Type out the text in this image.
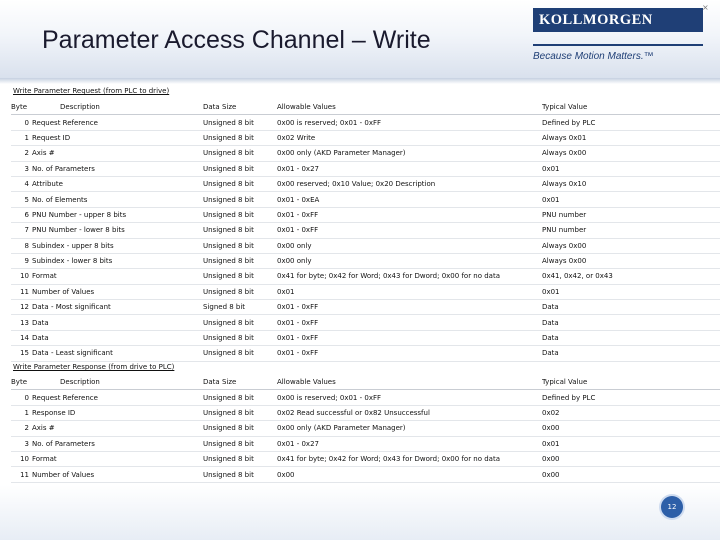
Parameter Access Channel – Write
KOLLMORGEN
Because Motion Matters.™
×
Write Parameter Request (from PLC to drive)
Byte	Description	Data Size	Allowable Values	Typical Value
0	Request Reference	Unsigned 8 bit	0x00 is reserved; 0x01 - 0xFF	Defined by PLC
1	Request ID	Unsigned 8 bit	0x02 Write	Always 0x01
2	Axis #	Unsigned 8 bit	0x00 only (AKD Parameter Manager)	Always 0x00
3	No. of Parameters	Unsigned 8 bit	0x01 - 0x27	0x01
4	Attribute	Unsigned 8 bit	0x00 reserved; 0x10 Value; 0x20 Description	Always 0x10
5	No. of Elements	Unsigned 8 bit	0x01 - 0xEA	0x01
6	PNU Number - upper 8 bits	Unsigned 8 bit	0x01 - 0xFF	PNU number
7	PNU Number - lower 8 bits	Unsigned 8 bit	0x01 - 0xFF	PNU number
8	Subindex - upper 8 bits	Unsigned 8 bit	0x00 only	Always 0x00
9	Subindex - lower 8 bits	Unsigned 8 bit	0x00 only	Always 0x00
10	Format	Unsigned 8 bit	0x41 for byte; 0x42 for Word; 0x43 for Dword; 0x00 for no data	0x41, 0x42, or 0x43
11	Number of Values	Unsigned 8 bit	0x01	0x01
12	Data - Most significant	Signed 8 bit	0x01 - 0xFF	Data
13	Data	Unsigned 8 bit	0x01 - 0xFF	Data
14	Data	Unsigned 8 bit	0x01 - 0xFF	Data
15	Data - Least significant	Unsigned 8 bit	0x01 - 0xFF	Data
Write Parameter Response (from drive to PLC)
Byte	Description	Data Size	Allowable Values	Typical Value
0	Request Reference	Unsigned 8 bit	0x00 is reserved; 0x01 - 0xFF	Defined by PLC
1	Response ID	Unsigned 8 bit	0x02 Read successful or 0x82 Unsuccessful	0x02
2	Axis #	Unsigned 8 bit	0x00 only (AKD Parameter Manager)	0x00
3	No. of Parameters	Unsigned 8 bit	0x01 - 0x27	0x01
10	Format	Unsigned 8 bit	0x41 for byte; 0x42 for Word; 0x43 for Dword; 0x00 for no data	0x00
11	Number of Values	Unsigned 8 bit	0x00	0x00
12
